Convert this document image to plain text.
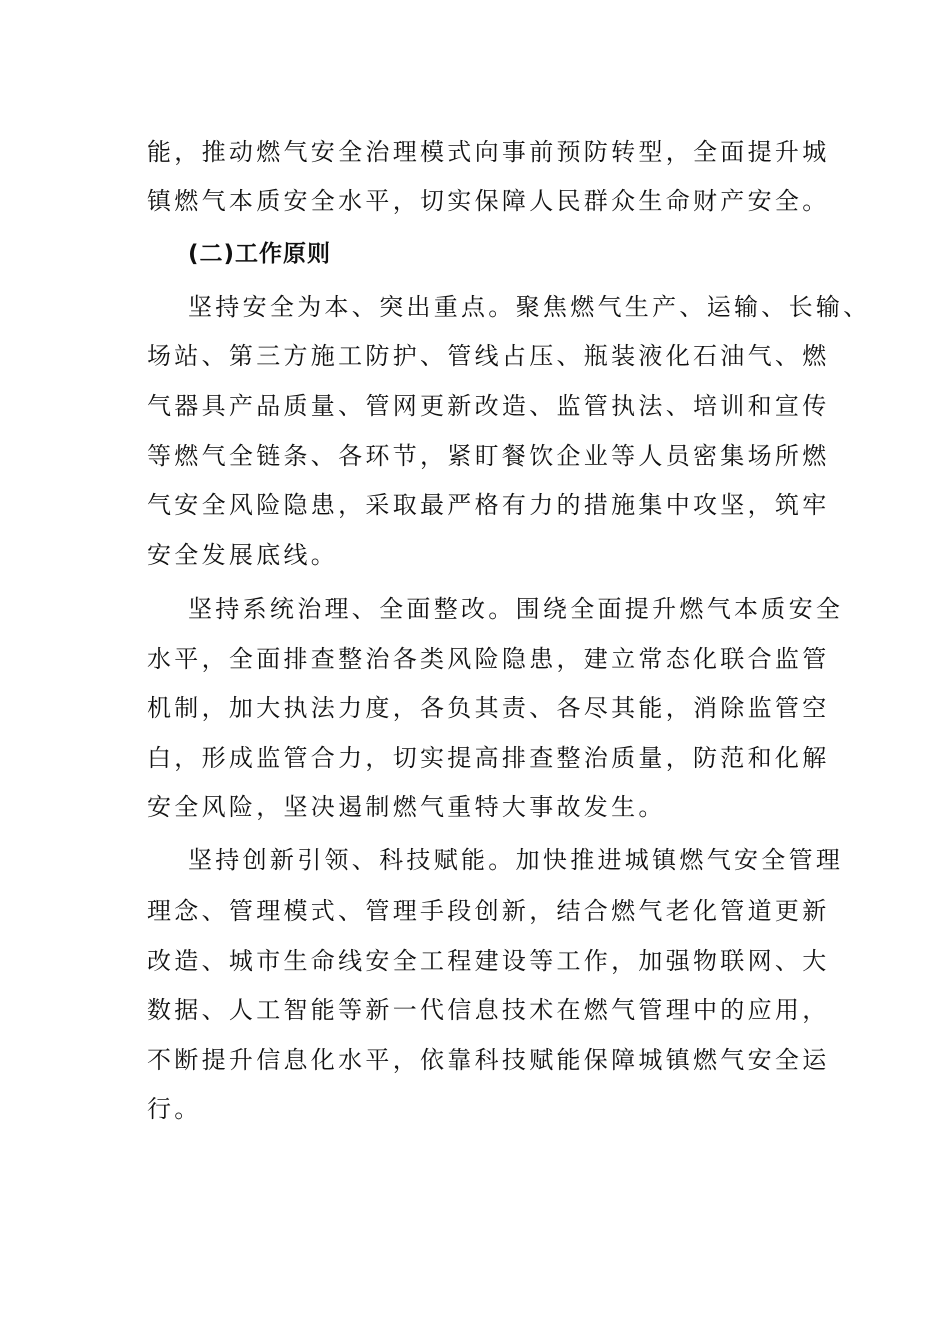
能，推动燃气安全治理模式向事前预防转型，全面提升城

镇燃气本质安全水平，切实保障人民群众生命财产安全。

(二)工作原则

坚持安全为本、突出重点。聚焦燃气生产、运输、长输、

场站、第三方施工防护、管线占压、瓶装液化石油气、燃

气器具产品质量、管网更新改造、监管执法、培训和宣传

等燃气全链条、各环节，紧盯餐饮企业等人员密集场所燃

气安全风险隐患，采取最严格有力的措施集中攻坚，筑牢

安全发展底线。

坚持系统治理、全面整改。围绕全面提升燃气本质安全

水平，全面排查整治各类风险隐患，建立常态化联合监管

机制，加大执法力度，各负其责、各尽其能，消除监管空

白，形成监管合力，切实提高排查整治质量，防范和化解

安全风险，坚决遏制燃气重特大事故发生。

坚持创新引领、科技赋能。加快推进城镇燃气安全管理

理念、管理模式、管理手段创新，结合燃气老化管道更新

改造、城市生命线安全工程建设等工作，加强物联网、大

数据、人工智能等新一代信息技术在燃气管理中的应用，

不断提升信息化水平，依靠科技赋能保障城镇燃气安全运

行。
